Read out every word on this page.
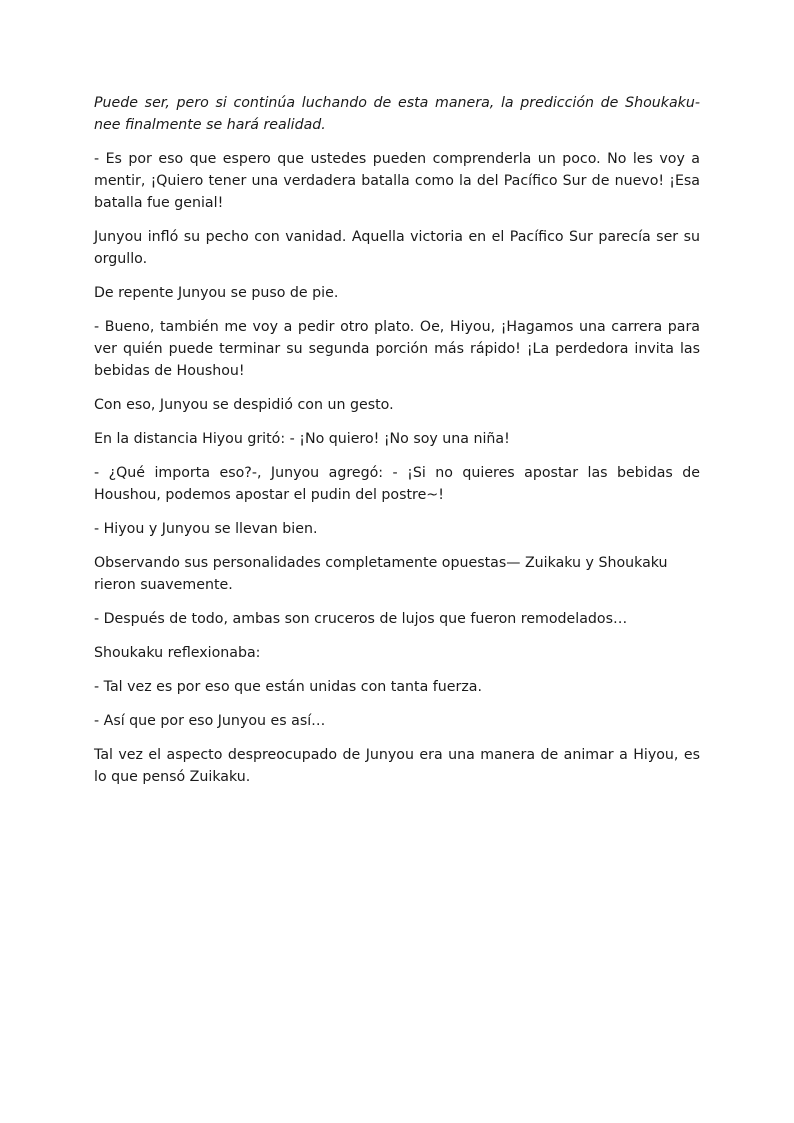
Puede ser, pero si continúa luchando de esta manera, la predicción de Shoukaku-nee finalmente se hará realidad.

- Es por eso que espero que ustedes pueden comprenderla un poco. No les voy a mentir, ¡Quiero tener una verdadera batalla como la del Pacífico Sur de nuevo! ¡Esa batalla fue genial!

Junyou infló su pecho con vanidad. Aquella victoria en el Pacífico Sur parecía ser su orgullo.

De repente Junyou se puso de pie.

- Bueno, también me voy a pedir otro plato. Oe, Hiyou, ¡Hagamos una carrera para ver quién puede terminar su segunda porción más rápido! ¡La perdedora invita las bebidas de Houshou!

Con eso, Junyou se despidió con un gesto.

En la distancia Hiyou gritó: - ¡No quiero! ¡No soy una niña!

- ¿Qué importa eso?-, Junyou agregó: - ¡Si no quieres apostar las bebidas de Houshou, podemos apostar el pudin del postre~!

- Hiyou y Junyou se llevan bien.

Observando sus personalidades completamente opuestas— Zuikaku y Shoukaku rieron suavemente.

- Después de todo, ambas son cruceros de lujos que fueron remodelados…

Shoukaku reflexionaba:

- Tal vez es por eso que están unidas con tanta fuerza.

- Así que por eso Junyou es así…

Tal vez el aspecto despreocupado de Junyou era una manera de animar a Hiyou, es lo que pensó Zuikaku.
